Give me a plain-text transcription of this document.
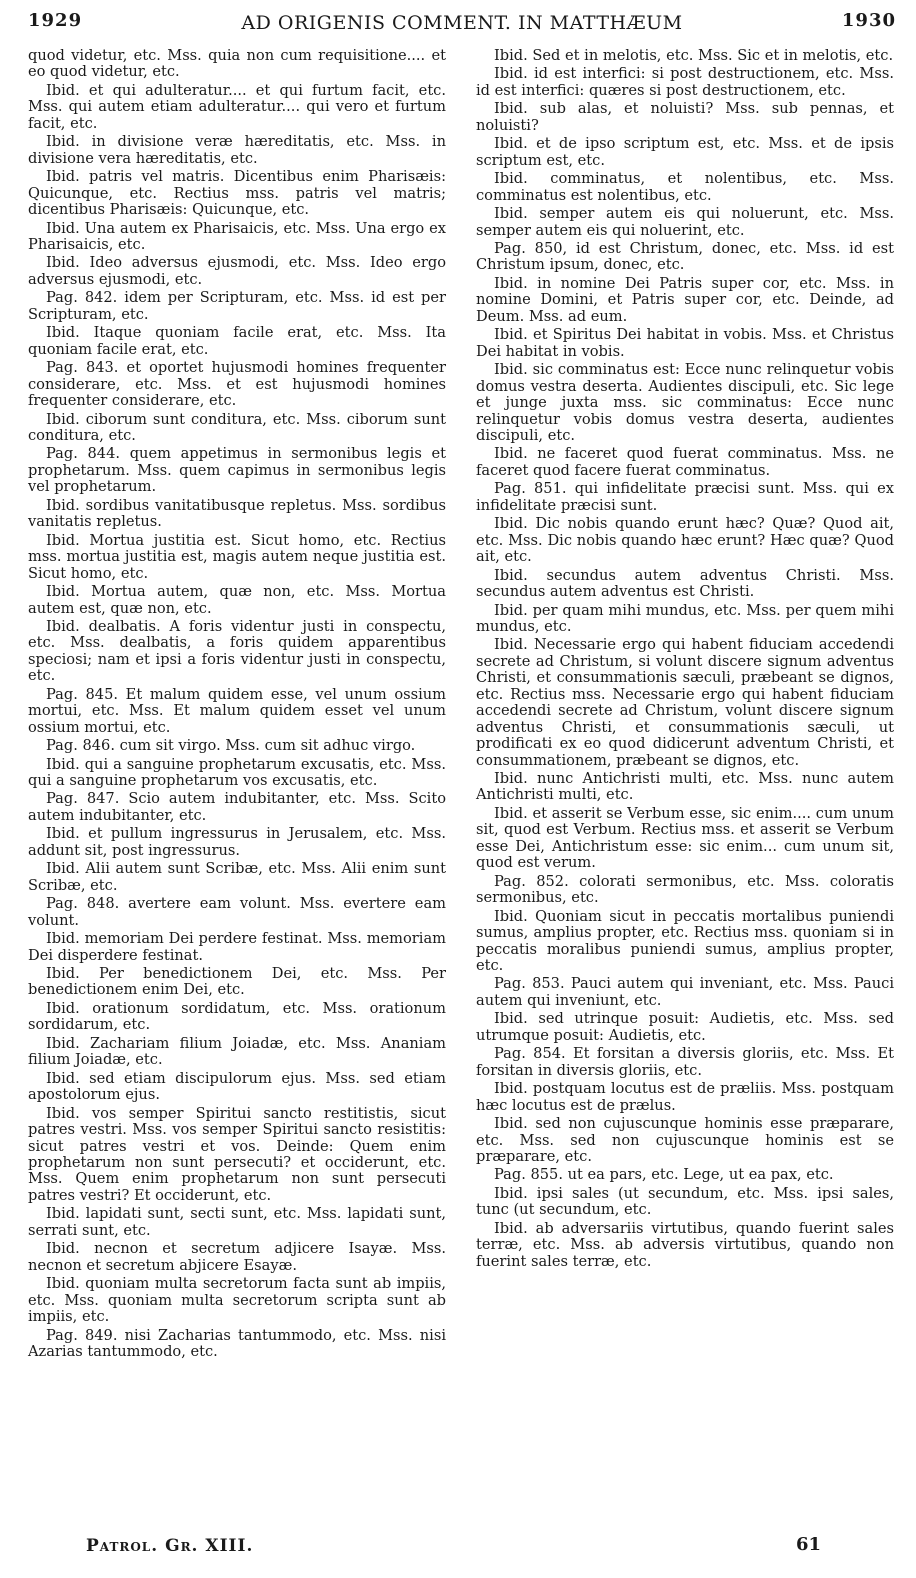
1929	AD ORIGENIS COMMENT. IN MATTHÆUM	1930

quod videtur, etc. Mss. quia non cum requisitione.... et eo quod videtur, etc.

Ibid. et qui adulteratur.... et qui furtum facit, etc. Mss. qui autem etiam adulteratur.... qui vero et furtum facit, etc.

Ibid. in divisione veræ hæreditatis, etc. Mss. in divisione vera hæreditatis, etc.

Ibid. patris vel matris. Dicentibus enim Pharisæis: Quicunque, etc. Rectius mss. patris vel matris; dicentibus Pharisæis: Quicunque, etc.

Ibid. Una autem ex Pharisaicis, etc. Mss. Una ergo ex Pharisaicis, etc.

Ibid. Ideo adversus ejusmodi, etc. Mss. Ideo ergo adversus ejusmodi, etc.

Pag. 842. idem per Scripturam, etc. Mss. id est per Scripturam, etc.

Ibid. Itaque quoniam facile erat, etc. Mss. Ita quoniam facile erat, etc.

Pag. 843. et oportet hujusmodi homines frequenter considerare, etc. Mss. et est hujusmodi homines frequenter considerare, etc.

Ibid. ciborum sunt conditura, etc. Mss. ciborum sunt conditura, etc.

Pag. 844. quem appetimus in sermonibus legis et prophetarum. Mss. quem capimus in sermonibus legis vel prophetarum.

Ibid. sordibus vanitatibusque repletus. Mss. sordibus vanitatis repletus.

Ibid. Mortua justitia est. Sicut homo, etc. Rectius mss. mortua justitia est, magis autem neque justitia est. Sicut homo, etc.

Ibid. Mortua autem, quæ non, etc. Mss. Mortua autem est, quæ non, etc.

Ibid. dealbatis. A foris videntur justi in conspectu, etc. Mss. dealbatis, a foris quidem apparentibus speciosi; nam et ipsi a foris videntur justi in conspectu, etc.

Pag. 845. Et malum quidem esse, vel unum ossium mortui, etc. Mss. Et malum quidem esset vel unum ossium mortui, etc.

Pag. 846. cum sit virgo. Mss. cum sit adhuc virgo.

Ibid. qui a sanguine prophetarum excusatis, etc. Mss. qui a sanguine prophetarum vos excusatis, etc.

Pag. 847. Scio autem indubitanter, etc. Mss. Scito autem indubitanter, etc.

Ibid. et pullum ingressurus in Jerusalem, etc. Mss. addunt sit, post ingressurus.

Ibid. Alii autem sunt Scribæ, etc. Mss. Alii enim sunt Scribæ, etc.

Pag. 848. avertere eam volunt. Mss. evertere eam volunt.

Ibid. memoriam Dei perdere festinat. Mss. memoriam Dei disperdere festinat.

Ibid. Per benedictionem Dei, etc. Mss. Per benedictionem enim Dei, etc.

Ibid. orationum sordidatum, etc. Mss. orationum sordidarum, etc.

Ibid. Zachariam filium Joiadæ, etc. Mss. Ananiam filium Joiadæ, etc.

Ibid. sed etiam discipulorum ejus. Mss. sed etiam apostolorum ejus.

Ibid. vos semper Spiritui sancto restitistis, sicut patres vestri. Mss. vos semper Spiritui sancto resistitis: sicut patres vestri et vos. Deinde: Quem enim prophetarum non sunt persecuti? et occiderunt, etc. Mss. Quem enim prophetarum non sunt persecuti patres vestri? Et occiderunt, etc.

Ibid. lapidati sunt, secti sunt, etc. Mss. lapidati sunt, serrati sunt, etc.

Ibid. necnon et secretum adjicere Isayæ. Mss. necnon et secretum abjicere Esayæ.

Ibid. quoniam multa secretorum facta sunt ab impiis, etc. Mss. quoniam multa secretorum scripta sunt ab impiis, etc.

Pag. 849. nisi Zacharias tantummodo, etc. Mss. nisi Azarias tantummodo, etc.

Ibid. Sed et in melotis, etc. Mss. Sic et in melotis, etc.

Ibid. id est interfici: si post destructionem, etc. Mss. id est interfici: quæres si post destructionem, etc.

Ibid. sub alas, et noluisti? Mss. sub pennas, et noluisti?

Ibid. et de ipso scriptum est, etc. Mss. et de ipsis scriptum est, etc.

Ibid. comminatus, et nolentibus, etc. Mss. comminatus est nolentibus, etc.

Ibid. semper autem eis qui noluerunt, etc. Mss. semper autem eis qui noluerint, etc.

Pag. 850, id est Christum, donec, etc. Mss. id est Christum ipsum, donec, etc.

Ibid. in nomine Dei Patris super cor, etc. Mss. in nomine Domini, et Patris super cor, etc. Deinde, ad Deum. Mss. ad eum.

Ibid. et Spiritus Dei habitat in vobis. Mss. et Christus Dei habitat in vobis.

Ibid. sic comminatus est: Ecce nunc relinquetur vobis domus vestra deserta. Audientes discipuli, etc. Sic lege et junge juxta mss. sic comminatus: Ecce nunc relinquetur vobis domus vestra deserta, audientes discipuli, etc.

Ibid. ne faceret quod fuerat comminatus. Mss. ne faceret quod facere fuerat comminatus.

Pag. 851. qui infidelitate præcisi sunt. Mss. qui ex infidelitate præcisi sunt.

Ibid. Dic nobis quando erunt hæc? Quæ? Quod ait, etc. Mss. Dic nobis quando hæc erunt? Hæc quæ? Quod ait, etc.

Ibid. secundus autem adventus Christi. Mss. secundus autem adventus est Christi.

Ibid. per quam mihi mundus, etc. Mss. per quem mihi mundus, etc.

Ibid. Necessarie ergo qui habent fiduciam accedendi secrete ad Christum, si volunt discere signum adventus Christi, et consummationis sæculi, præbeant se dignos, etc. Rectius mss. Necessarie ergo qui habent fiduciam accedendi secrete ad Christum, volunt discere signum adventus Christi, et consummationis sæculi, ut prodificati ex eo quod didicerunt adventum Christi, et consummationem, præbeant se dignos, etc.

Ibid. nunc Antichristi multi, etc. Mss. nunc autem Antichristi multi, etc.

Ibid. et asserit se Verbum esse, sic enim.... cum unum sit, quod est Verbum. Rectius mss. et asserit se Verbum esse Dei, Antichristum esse: sic enim... cum unum sit, quod est verum.

Pag. 852. colorati sermonibus, etc. Mss. coloratis sermonibus, etc.

Ibid. Quoniam sicut in peccatis mortalibus puniendi sumus, amplius propter, etc. Rectius mss. quoniam si in peccatis moralibus puniendi sumus, amplius propter, etc.

Pag. 853. Pauci autem qui inveniant, etc. Mss. Pauci autem qui inveniunt, etc.

Ibid. sed utrinque posuit: Audietis, etc. Mss. sed utrumque posuit: Audietis, etc.

Pag. 854. Et forsitan a diversis gloriis, etc. Mss. Et forsitan in diversis gloriis, etc.

Ibid. postquam locutus est de præliis. Mss. postquam hæc locutus est de prælus.

Ibid. sed non cujuscunque hominis esse præparare, etc. Mss. sed non cujuscunque hominis est se præparare, etc.

Pag. 855. ut ea pars, etc. Lege, ut ea pax, etc.

Ibid. ipsi sales (ut secundum, etc. Mss. ipsi sales, tunc (ut secundum, etc.

Ibid. ab adversariis virtutibus, quando fuerint sales terræ, etc. Mss. ab adversis virtutibus, quando non fuerint sales terræ, etc.

Patrol. Gr. XIII.	61
